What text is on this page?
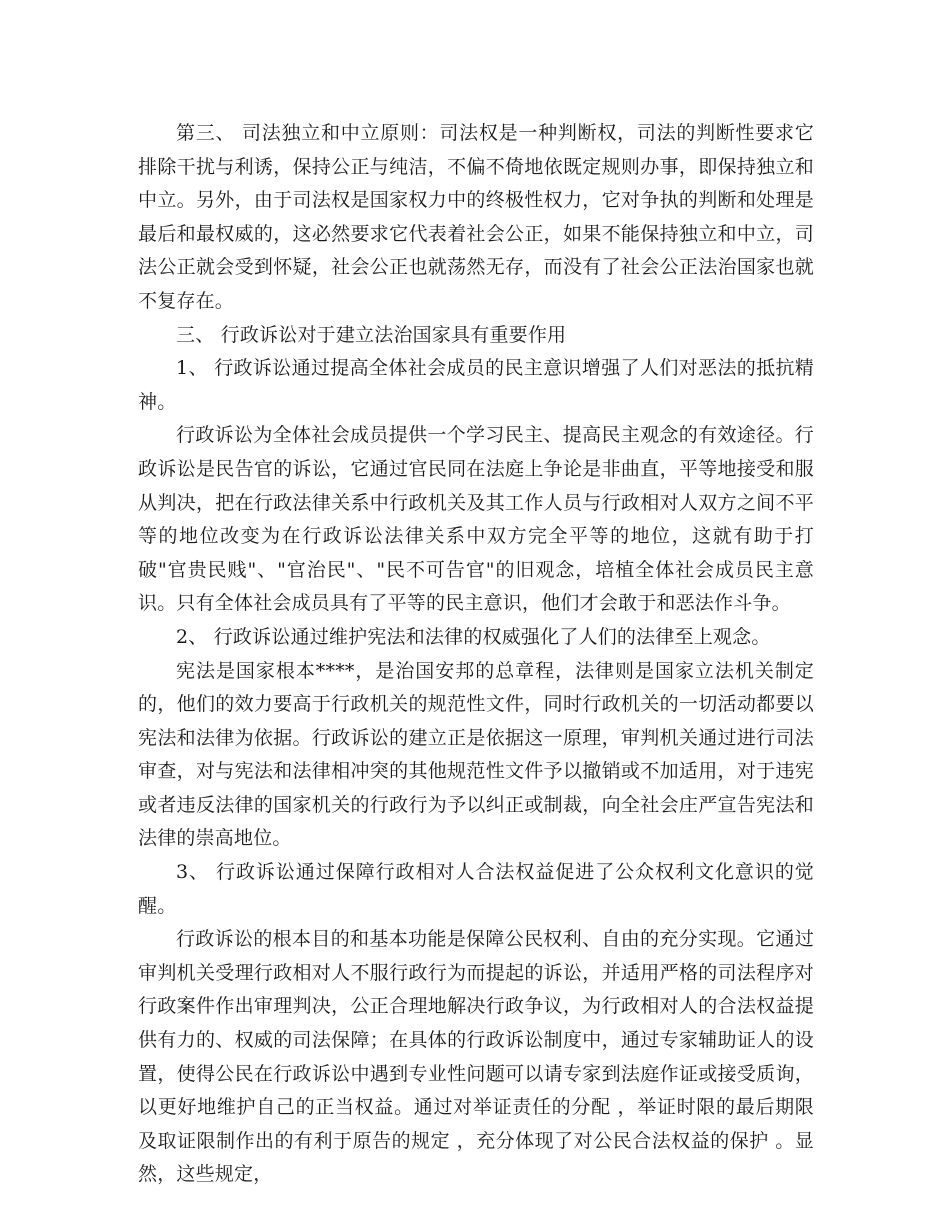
第三、 司法独立和中立原则：司法权是一种判断权，司法的判断性要求它排除干扰与利诱，保持公正与纯洁，不偏不倚地依既定规则办事，即保持独立和中立。另外，由于司法权是国家权力中的终极性权力，它对争执的判断和处理是最后和最权威的，这必然要求它代表着社会公正，如果不能保持独立和中立，司法公正就会受到怀疑，社会公正也就荡然无存，而没有了社会公正法治国家也就不复存在。

三、 行政诉讼对于建立法治国家具有重要作用

1、 行政诉讼通过提高全体社会成员的民主意识增强了人们对恶法的抵抗精神。

行政诉讼为全体社会成员提供一个学习民主、提高民主观念的有效途径。行政诉讼是民告官的诉讼，它通过官民同在法庭上争论是非曲直，平等地接受和服从判决，把在行政法律关系中行政机关及其工作人员与行政相对人双方之间不平等的地位改变为在行政诉讼法律关系中双方完全平等的地位，这就有助于打破"官贵民贱"、"官治民"、"民不可告官"的旧观念，培植全体社会成员民主意识。只有全体社会成员具有了平等的民主意识，他们才会敢于和恶法作斗争。

2、 行政诉讼通过维护宪法和法律的权威强化了人们的法律至上观念。

宪法是国家根本****，是治国安邦的总章程，法律则是国家立法机关制定的，他们的效力要高于行政机关的规范性文件，同时行政机关的一切活动都要以宪法和法律为依据。行政诉讼的建立正是依据这一原理，审判机关通过进行司法审查，对与宪法和法律相冲突的其他规范性文件予以撤销或不加适用，对于违宪或者违反法律的国家机关的行政行为予以纠正或制裁，向全社会庄严宣告宪法和法律的崇高地位。

3、 行政诉讼通过保障行政相对人合法权益促进了公众权利文化意识的觉醒。

行政诉讼的根本目的和基本功能是保障公民权利、自由的充分实现。它通过审判机关受理行政相对人不服行政行为而提起的诉讼，并适用严格的司法程序对行政案件作出审理判决，公正合理地解决行政争议，为行政相对人的合法权益提供有力的、权威的司法保障；在具体的行政诉讼制度中，通过专家辅助证人的设置，使得公民在行政诉讼中遇到专业性问题可以请专家到法庭作证或接受质询，以更好地维护自己的正当权益。通过对举证责任的分配 ，举证时限的最后期限及取证限制作出的有利于原告的规定 ，充分体现了对公民合法权益的保护 。显然，这些规定，
